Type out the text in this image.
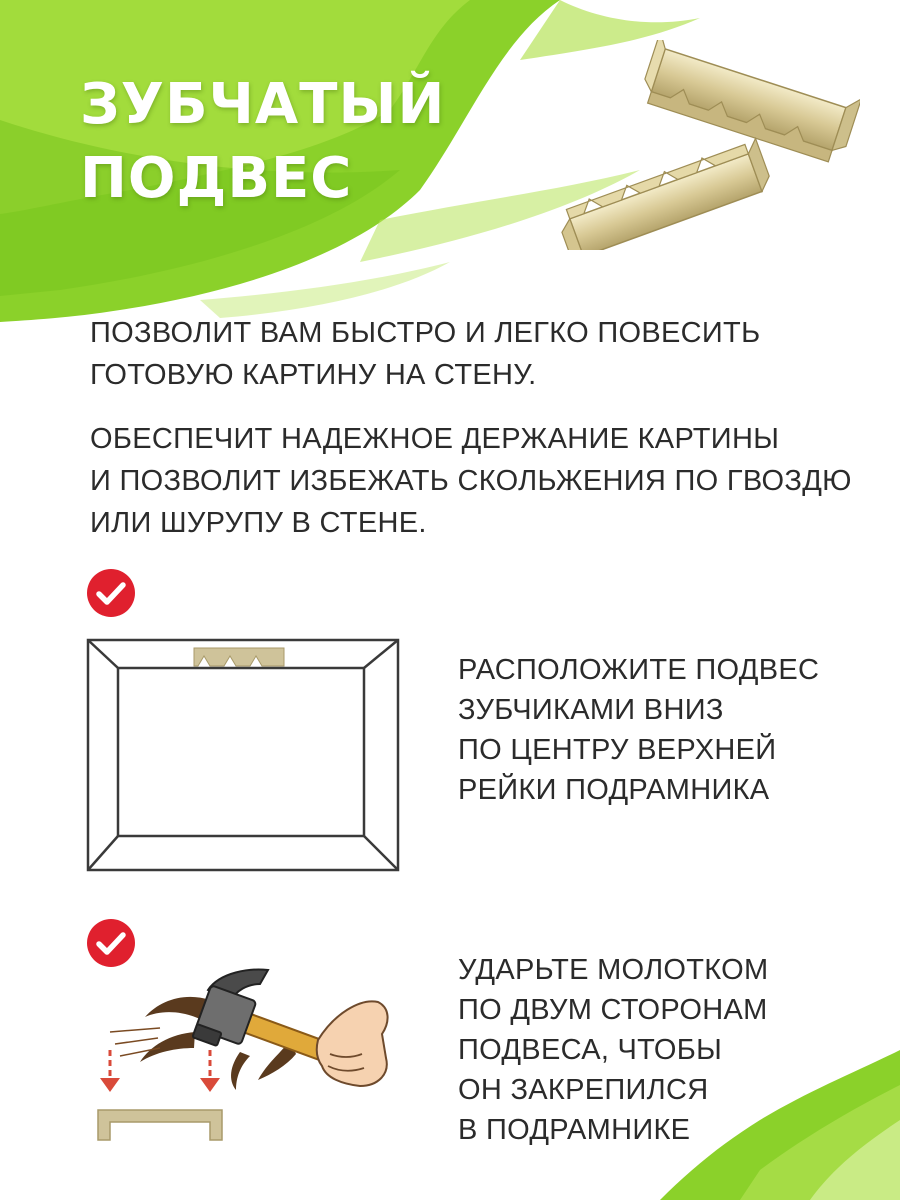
ЗУБЧАТЫЙ
ПОДВЕС

ПОЗВОЛИТ ВАМ БЫСТРО И ЛЕГКО ПОВЕСИТЬ
ГОТОВУЮ КАРТИНУ НА СТЕНУ.

ОБЕСПЕЧИТ НАДЕЖНОЕ ДЕРЖАНИЕ КАРТИНЫ
И ПОЗВОЛИТ ИЗБЕЖАТЬ СКОЛЬЖЕНИЯ ПО ГВОЗДЮ
ИЛИ ШУРУПУ В СТЕНЕ.

РАСПОЛОЖИТЕ ПОДВЕС
ЗУБЧИКАМИ ВНИЗ
ПО ЦЕНТРУ ВЕРХНЕЙ
РЕЙКИ ПОДРАМНИКА

УДАРЬТЕ МОЛОТКОМ
ПО ДВУМ СТОРОНАМ
ПОДВЕСА, ЧТОБЫ
ОН ЗАКРЕПИЛСЯ
В ПОДРАМНИКЕ
